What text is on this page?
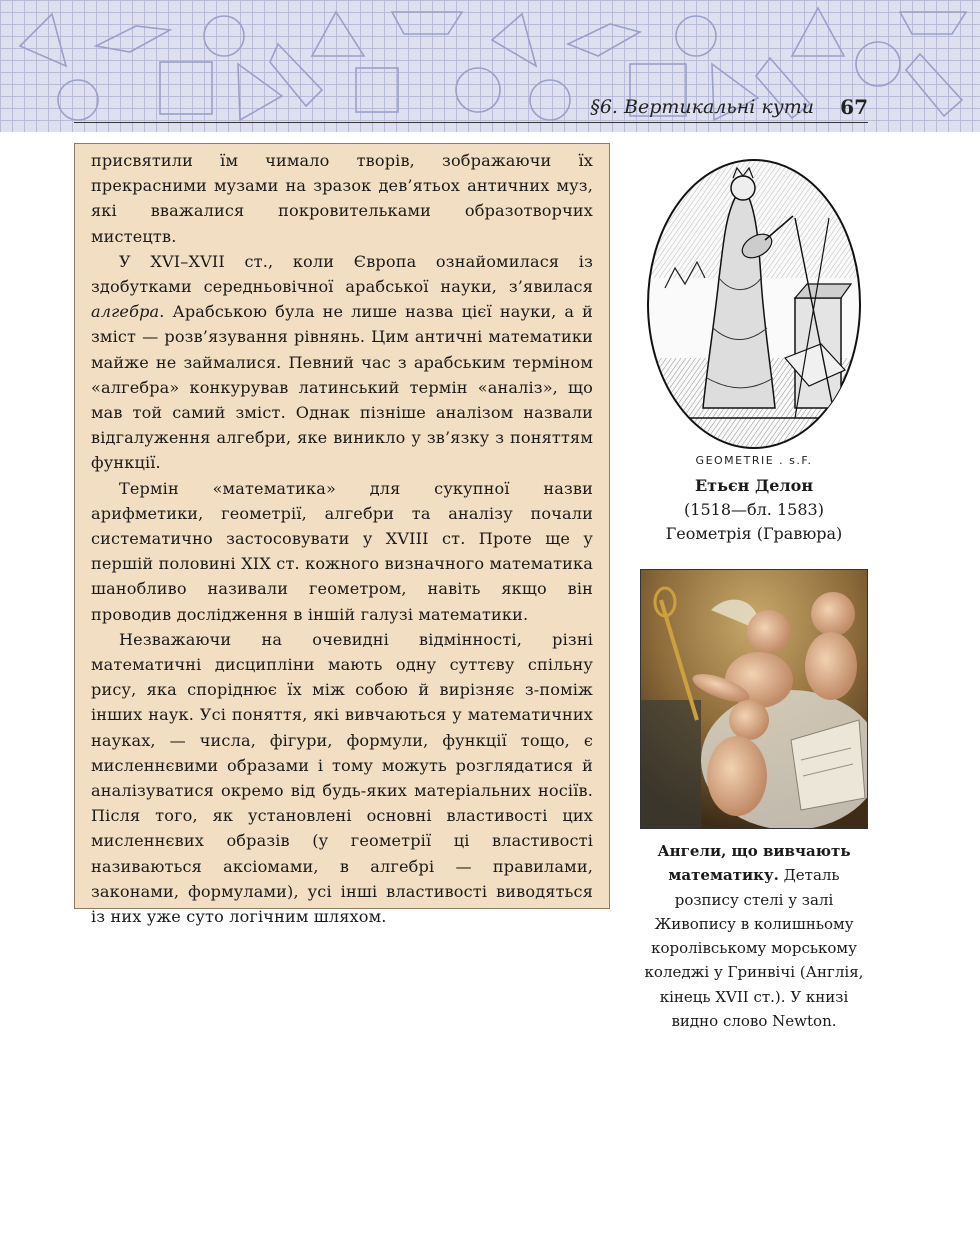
§6. Вертикальні кути 67

присвятили їм чимало творів, зображаючи їх прекрасними музами на зразок дев’ятьох античних муз, які вважалися покровительками образотворчих мистецтв.

У XVI–XVII ст., коли Європа ознайомилася із здобутками середньовічної арабської науки, з’явилася алгебра. Арабською була не лише назва цієї науки, а й зміст — розв’язування рівнянь. Цим античні математики майже не займалися. Певний час з арабським терміном «алгебра» конкурував латинський термін «аналіз», що мав той самий зміст. Однак пізніше аналізом назвали відгалуження алгебри, яке виникло у зв’язку з поняттям функції.

Термін «математика» для сукупної назви арифметики, геометрії, алгебри та аналізу почали систематично застосовувати у XVIII ст. Проте ще у першій половині XIX ст. кожного визначного математика шанобливо називали геометром, навіть якщо він проводив дослідження в іншій галузі математики.

Незважаючи на очевидні відмінності, різні математичні дисципліни мають одну суттєву спільну рису, яка споріднює їх між собою й вирізняє з-поміж інших наук. Усі поняття, які вивчаються у математичних науках, — числа, фігури, формули, функції тощо, є мисленнєвими образами і тому можуть розглядатися й аналізуватися окремо від будь-яких матеріальних носіїв. Після того, як установлені основні властивості цих мисленнєвих образів (у геометрії ці властивості називаються аксіомами, в алгебрі — правилами, законами, формулами), усі інші властивості виводяться із них уже суто логічним шляхом.

GEOMETRIE . s.F.
Етьєн Делон
(1518—бл. 1583)
Геометрія (Гравюра)
Ангели, що вивчають математику. Деталь розпису стелі у залі Живопису в колишньому королівському морському коледжі у Гринвічі (Англія, кінець XVII ст.). У книзі видно слово Newton.
